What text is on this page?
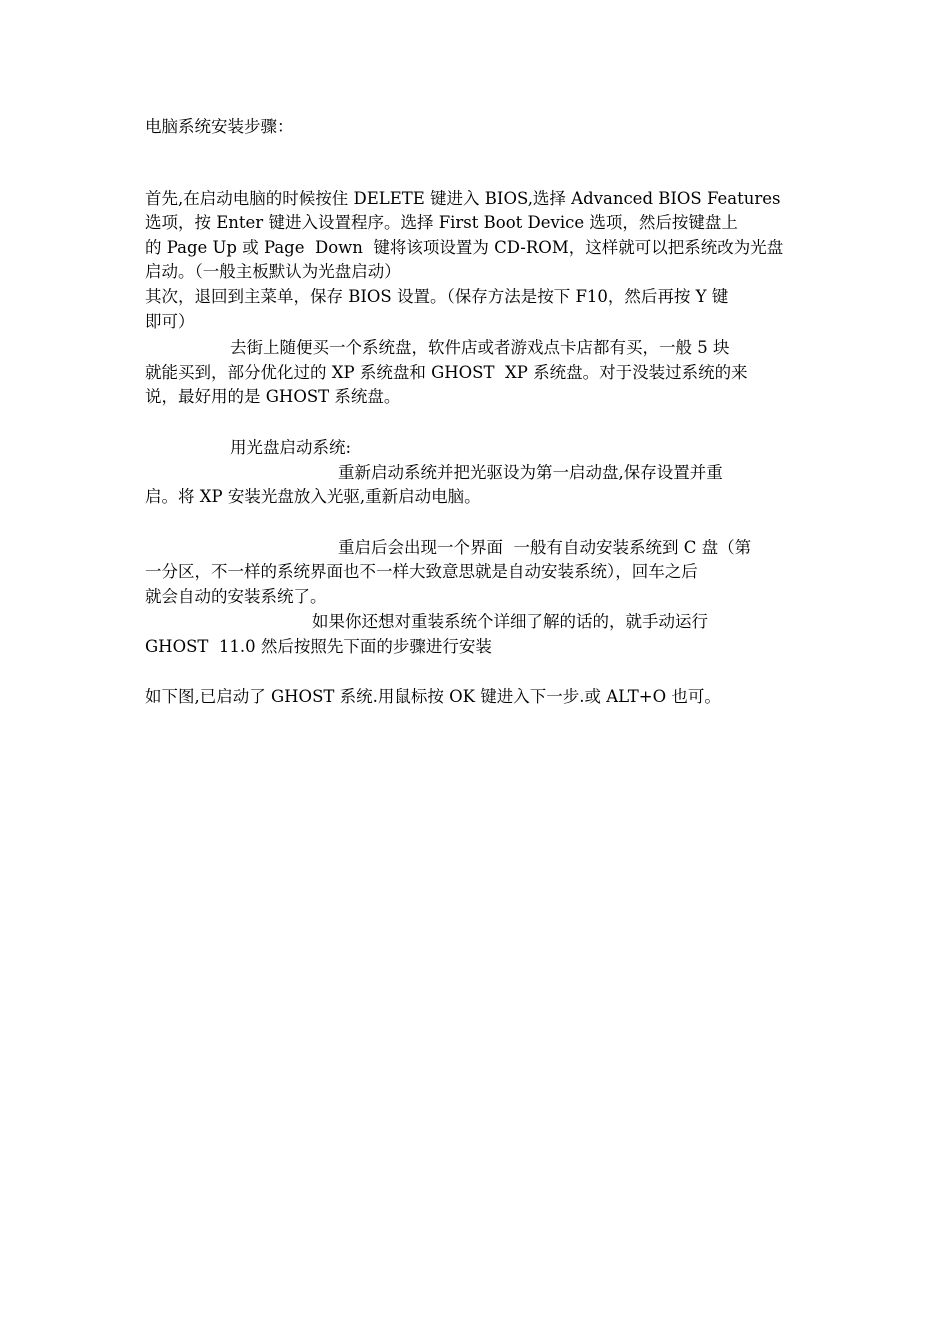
电脑系统安装步骤：
首先,在启动电脑的时候按住 DELETE 键进入 BIOS,选择 Advanced BIOS Features
选项，按 Enter 键进入设置程序。选择 First Boot Device 选项，然后按键盘上
的 Page Up 或 Page  Down  键将该项设置为 CD-ROM，这样就可以把系统改为光盘
启动。（一般主板默认为光盘启动）
其次，退回到主菜单，保存 BIOS 设置。（保存方法是按下 F10，然后再按 Y 键
即可）
去街上随便买一个系统盘，软件店或者游戏点卡店都有买，一般 5 块
就能买到，部分优化过的 XP 系统盘和 GHOST  XP 系统盘。对于没装过系统的来
说，最好用的是 GHOST 系统盘。
用光盘启动系统:
重新启动系统并把光驱设为第一启动盘,保存设置并重
启。将 XP 安装光盘放入光驱,重新启动电脑。
重启后会出现一个界面  一般有自动安装系统到 C 盘（第
一分区，不一样的系统界面也不一样大致意思就是自动安装系统），回车之后
就会自动的安装系统了。
如果你还想对重装系统个详细了解的话的，就手动运行
GHOST  11.0 然后按照先下面的步骤进行安装
如下图,已启动了 GHOST 系统.用鼠标按 OK 键进入下一步.或 ALT+O 也可。
